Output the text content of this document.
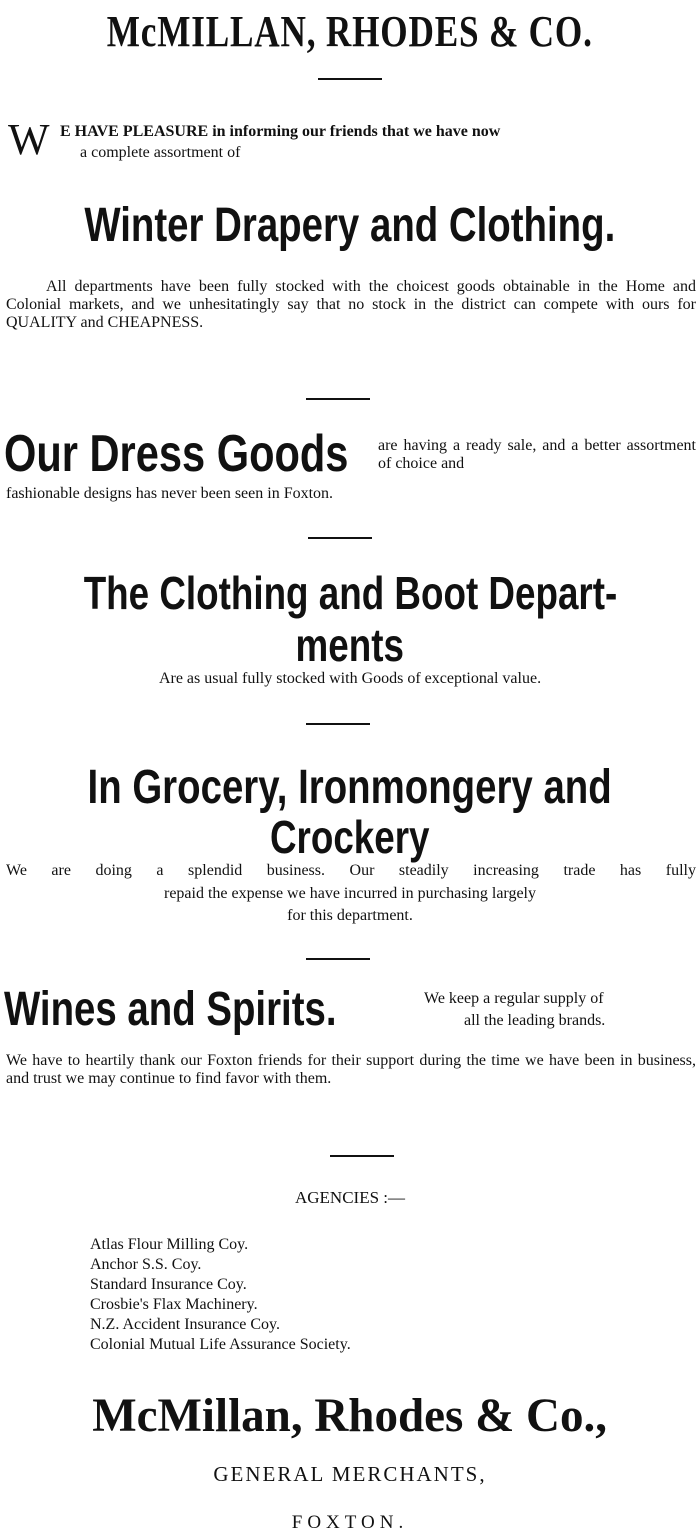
McMILLAN, RHODES & CO.
W E HAVE PLEASURE in informing our friends that we have now
a complete assortment of
Winter Drapery and Clothing.
All departments have been fully stocked with the choicest goods obtainable in the Home and Colonial markets, and we unhesitatingly say that no stock in the district can compete with ours for QUALITY and CHEAPNESS.
Our Dress Goods	are having a ready sale, and a better assortment of choice and
fashionable designs has never been seen in Foxton.
The Clothing and Boot Depart-
ments
Are as usual fully stocked with Goods of exceptional value.
In Grocery, Ironmongery and
Crockery
We are doing a splendid business. Our steadily increasing trade has fully
repaid the expense we have incurred in purchasing largely
for this department.
Wines and Spirits.	We keep a regular supply of
all the leading brands.
We have to heartily thank our Foxton friends for their support during the time we have been in business, and trust we may continue to find favor with them.
AGENCIES :—
Atlas Flour Milling Coy.
Anchor S.S. Coy.
Standard Insurance Coy.
Crosbie's Flax Machinery.
N.Z. Accident Insurance Coy.
Colonial Mutual Life Assurance Society.
McMillan, Rhodes & Co.,
GENERAL MERCHANTS,
FOXTON.
